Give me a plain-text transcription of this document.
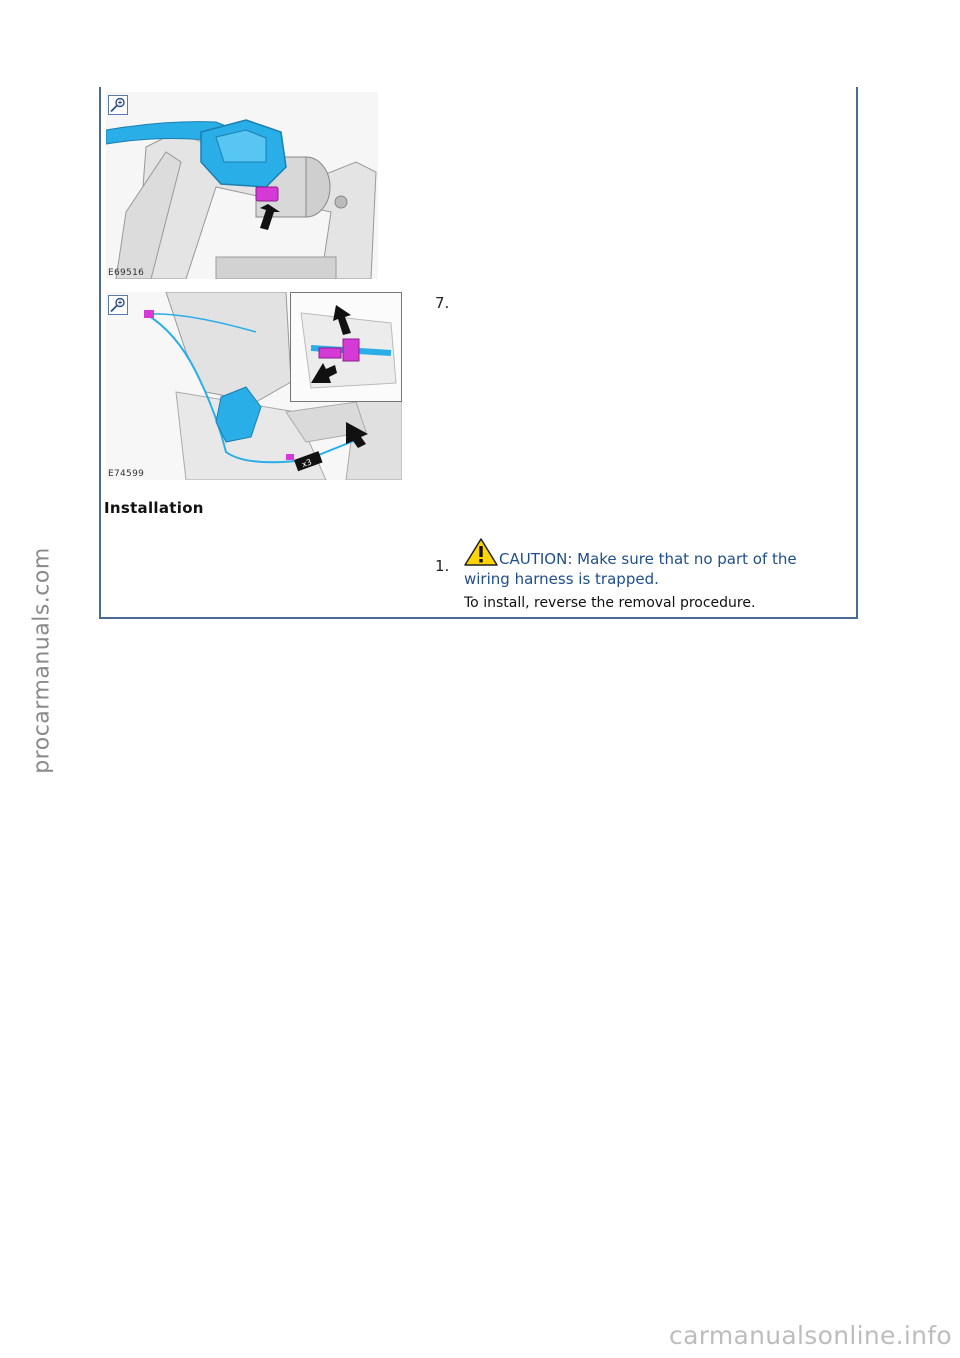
E69516
x3
E74599
7.
Installation
1.	CAUTION: Make sure that no part of the wiring harness is trapped.
To install, reverse the removal procedure.
procarmanuals.com
carmanualsonline.info
